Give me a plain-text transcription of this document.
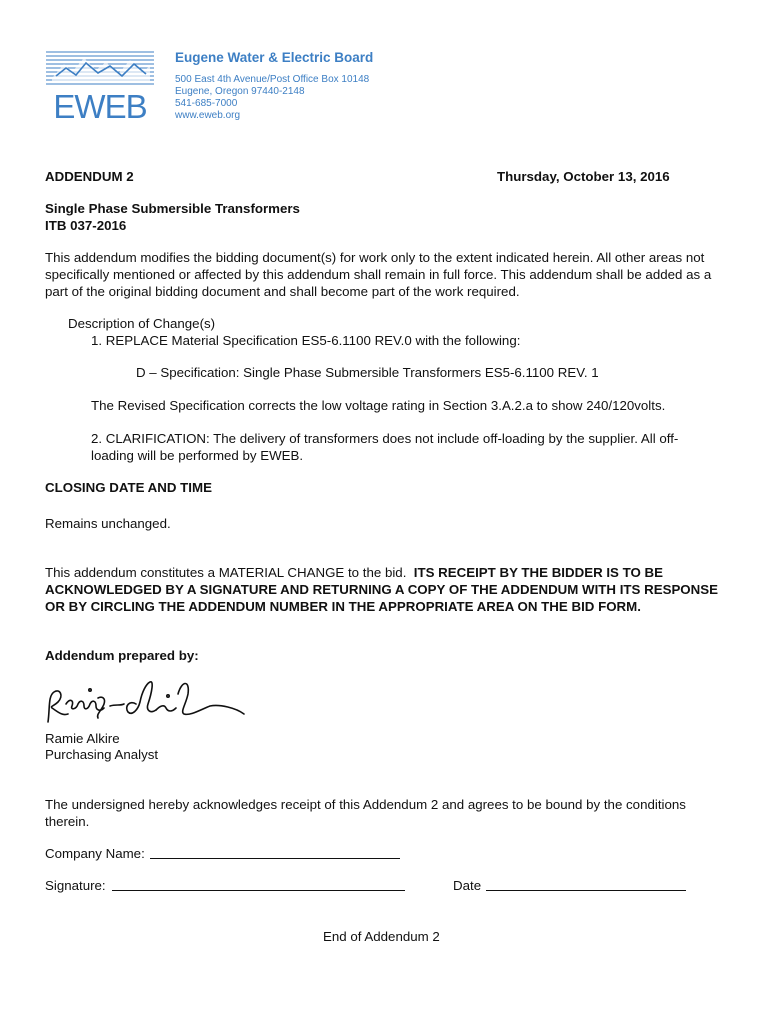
EWEB
Eugene Water & Electric Board
500 East 4th Avenue/Post Office Box 10148
Eugene, Oregon 97440-2148
541-685-7000
www.eweb.org
ADDENDUM 2	Thursday, October 13, 2016
Single Phase Submersible Transformers
ITB 037-2016
This addendum modifies the bidding document(s) for work only to the extent indicated herein. All other areas not specifically mentioned or affected by this addendum shall remain in full force. This addendum shall be added as a part of the original bidding document and shall become part of the work required.
Description of Change(s)
1. REPLACE Material Specification ES5-6.1100 REV.0 with the following:
D – Specification: Single Phase Submersible Transformers ES5-6.1100 REV. 1
The Revised Specification corrects the low voltage rating in Section 3.A.2.a to show 240/120volts.
2. CLARIFICATION: The delivery of transformers does not include off-loading by the supplier. All off-loading will be performed by EWEB.
CLOSING DATE AND TIME
Remains unchanged.
This addendum constitutes a MATERIAL CHANGE to the bid.  ITS RECEIPT BY THE BIDDER IS TO BE ACKNOWLEDGED BY A SIGNATURE AND RETURNING A COPY OF THE ADDENDUM WITH ITS RESPONSE OR BY CIRCLING THE ADDENDUM NUMBER IN THE APPROPRIATE AREA ON THE BID FORM.
Addendum prepared by:
Ramie Alkire
Purchasing Analyst
The undersigned hereby acknowledges receipt of this Addendum 2 and agrees to be bound by the conditions therein.
Company Name:
Signature:	Date
End of Addendum 2
